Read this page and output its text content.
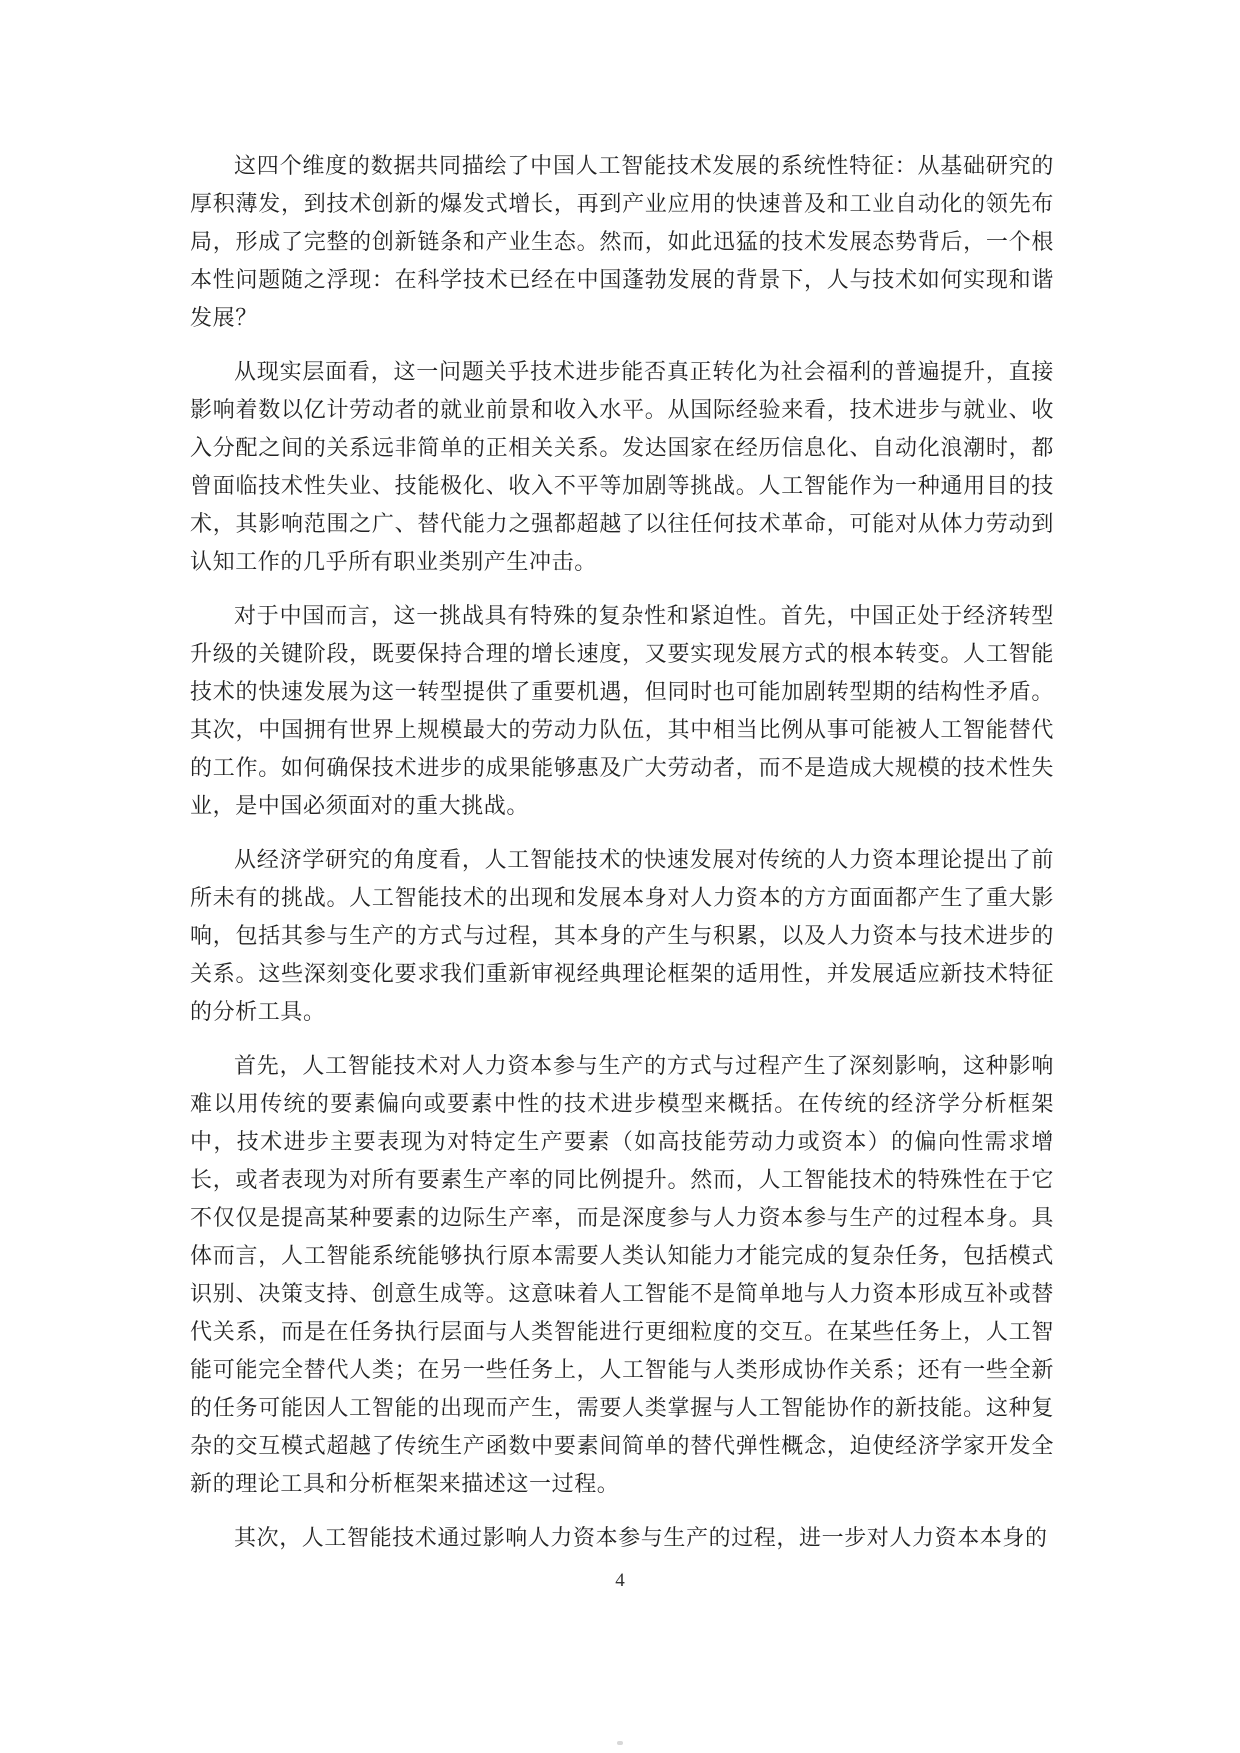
这四个维度的数据共同描绘了中国人工智能技术发展的系统性特征：从基础研究的厚积薄发，到技术创新的爆发式增长，再到产业应用的快速普及和工业自动化的领先布局，形成了完整的创新链条和产业生态。然而，如此迅猛的技术发展态势背后，一个根本性问题随之浮现：在科学技术已经在中国蓬勃发展的背景下，人与技术如何实现和谐发展？

从现实层面看，这一问题关乎技术进步能否真正转化为社会福利的普遍提升，直接影响着数以亿计劳动者的就业前景和收入水平。从国际经验来看，技术进步与就业、收入分配之间的关系远非简单的正相关关系。发达国家在经历信息化、自动化浪潮时，都曾面临技术性失业、技能极化、收入不平等加剧等挑战。人工智能作为一种通用目的技术，其影响范围之广、替代能力之强都超越了以往任何技术革命，可能对从体力劳动到认知工作的几乎所有职业类别产生冲击。

对于中国而言，这一挑战具有特殊的复杂性和紧迫性。首先，中国正处于经济转型升级的关键阶段，既要保持合理的增长速度，又要实现发展方式的根本转变。人工智能技术的快速发展为这一转型提供了重要机遇，但同时也可能加剧转型期的结构性矛盾。其次，中国拥有世界上规模最大的劳动力队伍，其中相当比例从事可能被人工智能替代的工作。如何确保技术进步的成果能够惠及广大劳动者，而不是造成大规模的技术性失业，是中国必须面对的重大挑战。

从经济学研究的角度看，人工智能技术的快速发展对传统的人力资本理论提出了前所未有的挑战。人工智能技术的出现和发展本身对人力资本的方方面面都产生了重大影响，包括其参与生产的方式与过程，其本身的产生与积累，以及人力资本与技术进步的关系。这些深刻变化要求我们重新审视经典理论框架的适用性，并发展适应新技术特征的分析工具。

首先，人工智能技术对人力资本参与生产的方式与过程产生了深刻影响，这种影响难以用传统的要素偏向或要素中性的技术进步模型来概括。在传统的经济学分析框架中，技术进步主要表现为对特定生产要素（如高技能劳动力或资本）的偏向性需求增长，或者表现为对所有要素生产率的同比例提升。然而，人工智能技术的特殊性在于它不仅仅是提高某种要素的边际生产率，而是深度参与人力资本参与生产的过程本身。具体而言，人工智能系统能够执行原本需要人类认知能力才能完成的复杂任务，包括模式识别、决策支持、创意生成等。这意味着人工智能不是简单地与人力资本形成互补或替代关系，而是在任务执行层面与人类智能进行更细粒度的交互。在某些任务上，人工智能可能完全替代人类；在另一些任务上，人工智能与人类形成协作关系；还有一些全新的任务可能因人工智能的出现而产生，需要人类掌握与人工智能协作的新技能。这种复杂的交互模式超越了传统生产函数中要素间简单的替代弹性概念，迫使经济学家开发全新的理论工具和分析框架来描述这一过程。

其次，人工智能技术通过影响人力资本参与生产的过程，进一步对人力资本本身的

4
